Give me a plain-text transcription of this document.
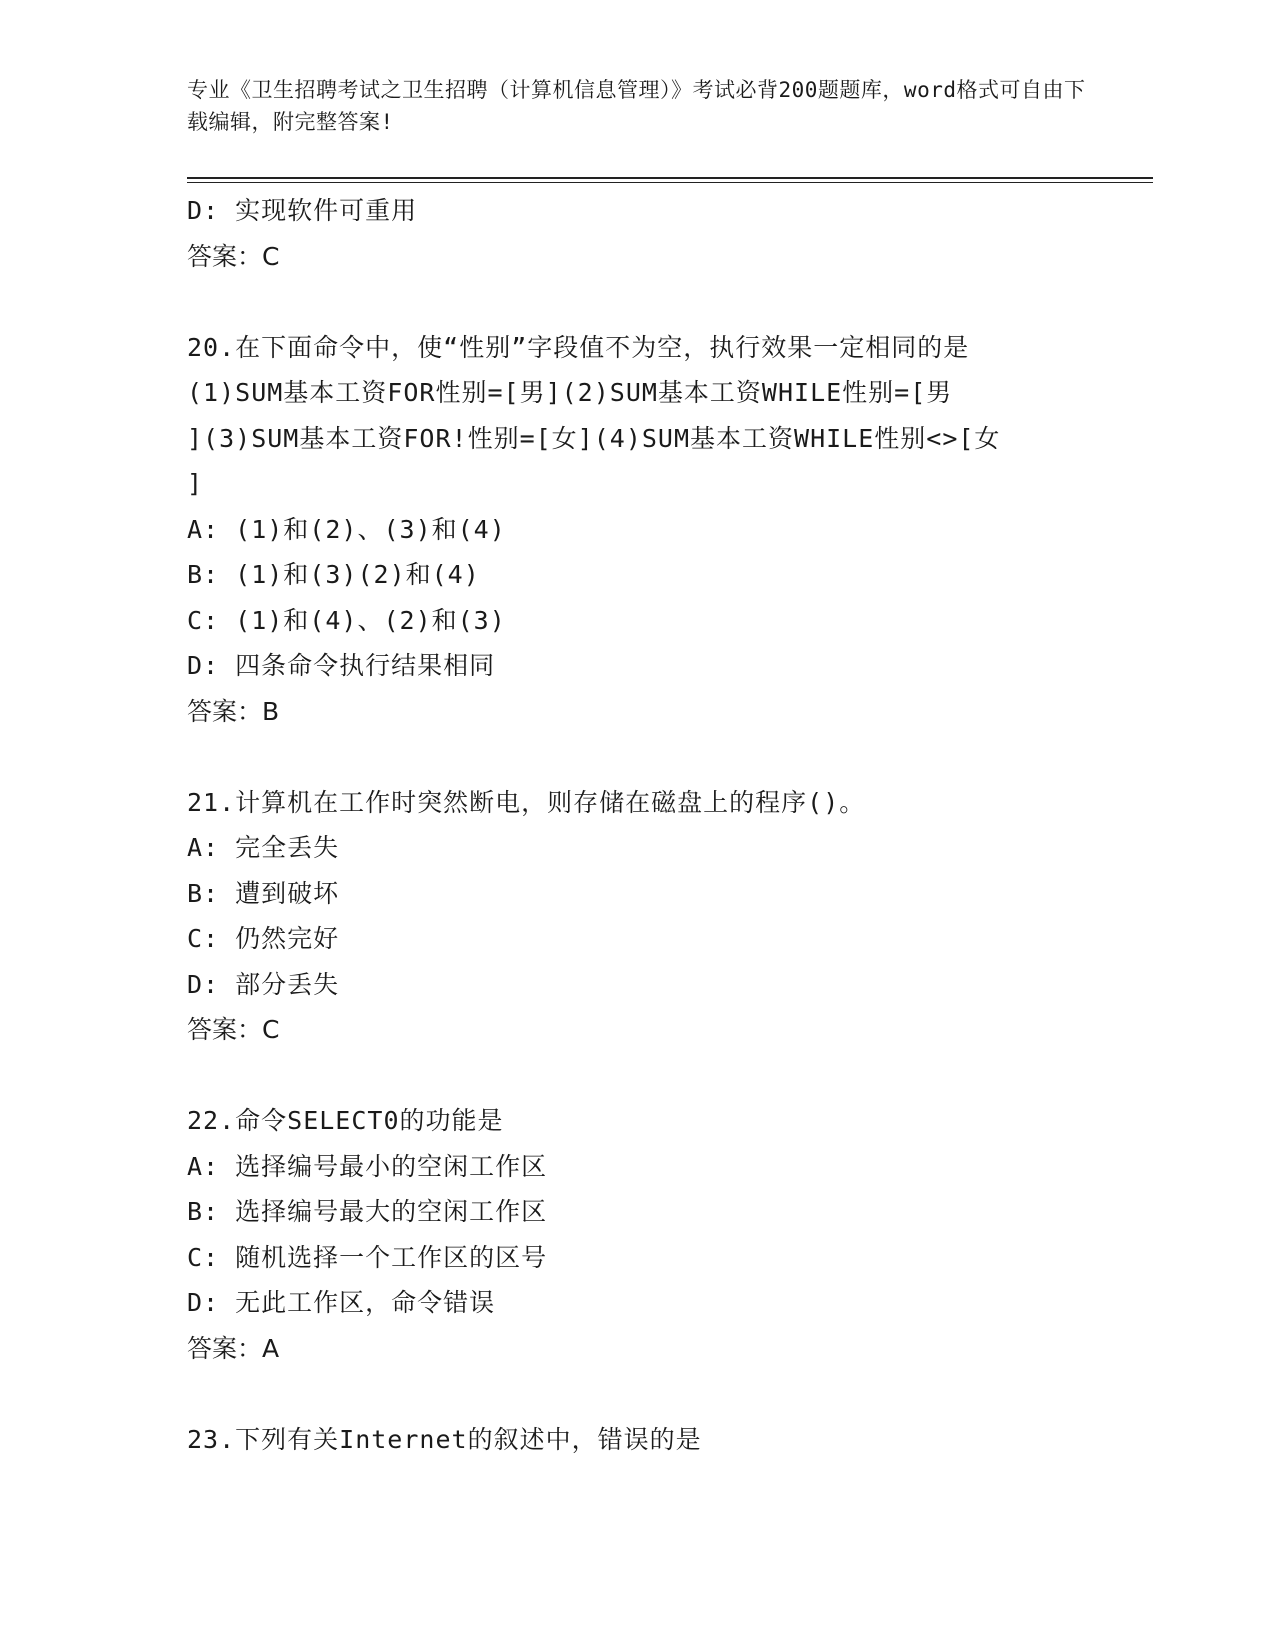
专业《卫生招聘考试之卫生招聘（计算机信息管理）》考试必背200题题库，word格式可自由下载编辑，附完整答案!
D: 实现软件可重用
答案：C
20.在下面命令中，使“性别”字段值不为空，执行效果一定相同的是
(1)SUM基本工资FOR性别=[男](2)SUM基本工资WHILE性别=[男
](3)SUM基本工资FOR!性别=[女](4)SUM基本工资WHILE性别<>[女
]
A: (1)和(2)、(3)和(4)
B: (1)和(3)(2)和(4)
C: (1)和(4)、(2)和(3)
D: 四条命令执行结果相同
答案：B
21.计算机在工作时突然断电，则存储在磁盘上的程序()。
A: 完全丢失
B: 遭到破坏
C: 仍然完好
D: 部分丢失
答案：C
22.命令SELECT0的功能是
A: 选择编号最小的空闲工作区
B: 选择编号最大的空闲工作区
C: 随机选择一个工作区的区号
D: 无此工作区，命令错误
答案：A
23.下列有关Internet的叙述中，错误的是
